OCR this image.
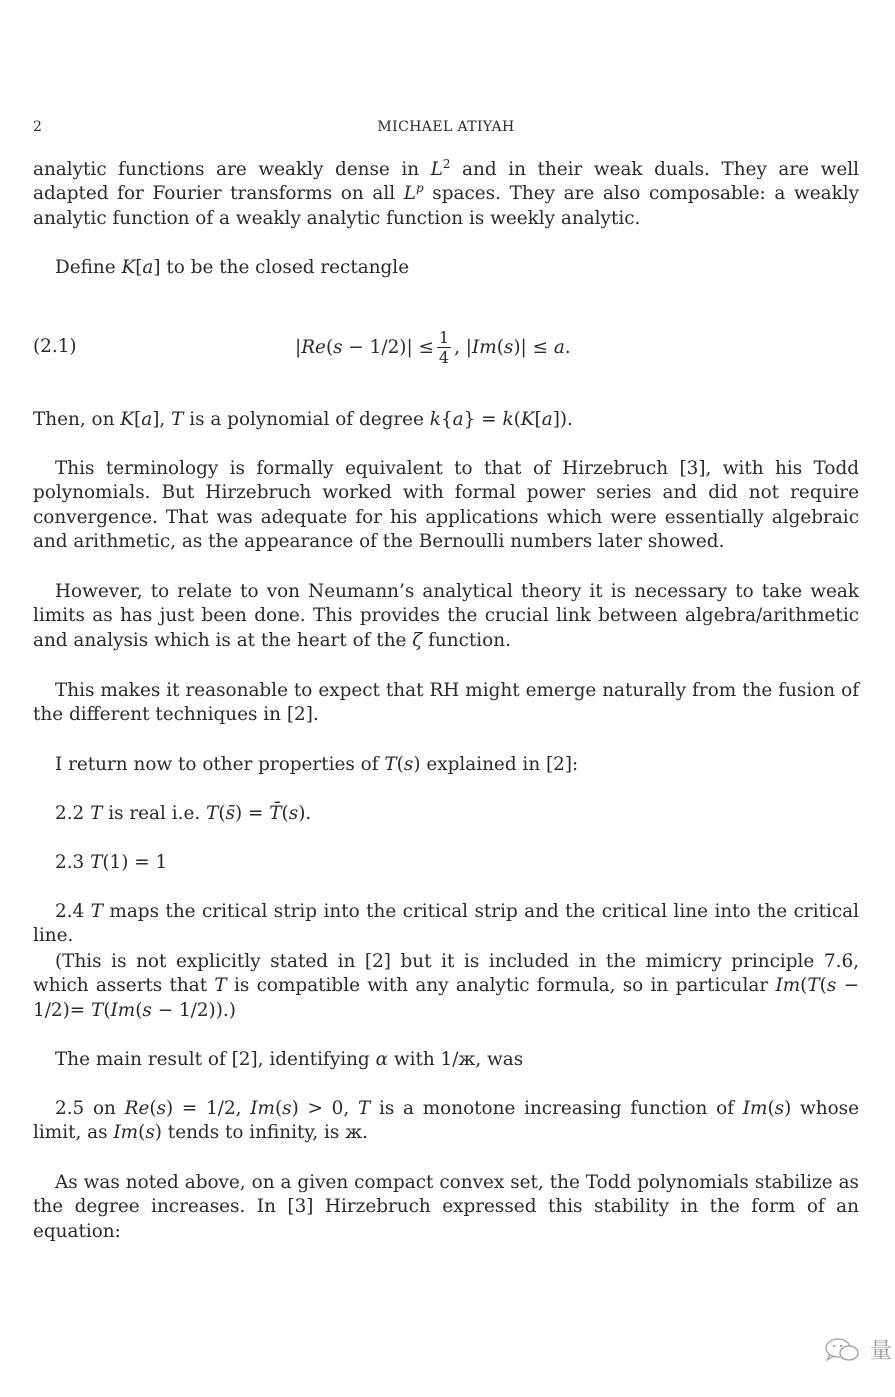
2	MICHAEL ATIYAH

analytic functions are weakly dense in $L^2$ and in their weak duals. They are well adapted for Fourier transforms on all $L^p$ spaces. They are also composable: a weakly analytic function of a weakly analytic function is weekly analytic.

Define K[a] to be the closed rectangle

(2.1)	$|Re(s - 1/2)| \le \frac{1}{4}$ , |Im(s)| ≤ a.

Then, on K[a], T is a polynomial of degree k{a} = k(K[a]).

This terminology is formally equivalent to that of Hirzebruch [3], with his Todd polynomials. But Hirzebruch worked with formal power series and did not require convergence. That was adequate for his applications which were essentially algebraic and arithmetic, as the appearance of the Bernoulli numbers later showed.

However, to relate to von Neumann’s analytical theory it is necessary to take weak limits as has just been done. This provides the crucial link between algebra/arithmetic and analysis which is at the heart of the ζ function.

This makes it reasonable to expect that RH might emerge naturally from the fusion of the different techniques in [2].

I return now to other properties of T(s) explained in [2]:

2.2 T is real i.e. T(s̄) = T̄(s).

2.3 T(1) = 1

2.4 T maps the critical strip into the critical strip and the critical line into the critical line.

(This is not explicitly stated in [2] but it is included in the mimicry principle 7.6, which asserts that T is compatible with any analytic formula, so in particular Im(T(s − 1/2)= T(Im(s − 1/2)).)

The main result of [2], identifying α with 1/ж, was

2.5 on Re(s) = 1/2, Im(s) > 0, T is a monotone increasing function of Im(s) whose limit, as Im(s) tends to infinity, is ж.

As was noted above, on a given compact convex set, the Todd polynomials stabilize as the degree increases. In [3] Hirzebruch expressed this stability in the form of an equation:

量
